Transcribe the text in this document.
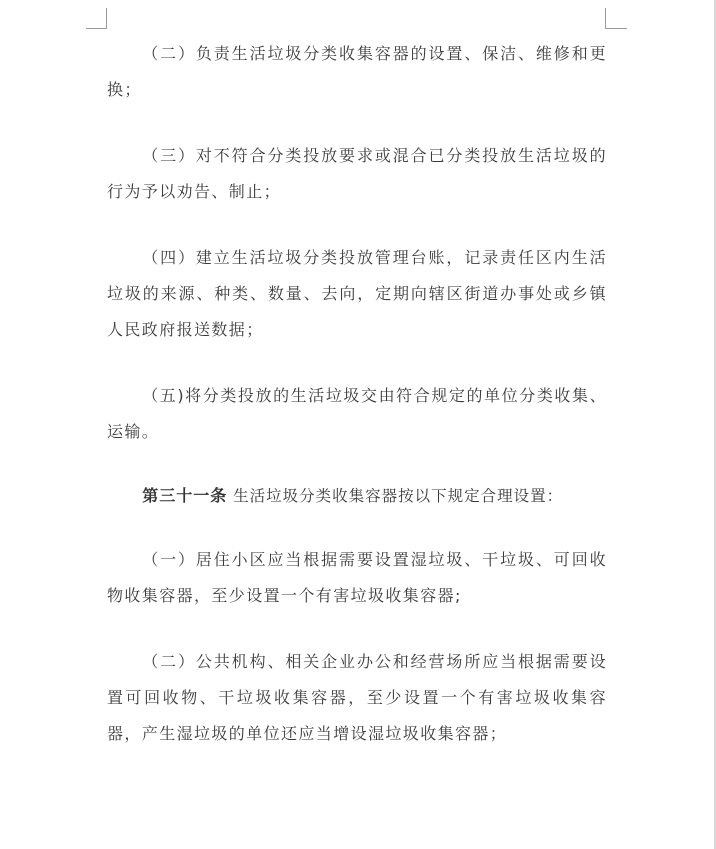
（二）负责生活垃圾分类收集容器的设置、保洁、维修和更换；

（三）对不符合分类投放要求或混合已分类投放生活垃圾的行为予以劝告、制止；

（四）建立生活垃圾分类投放管理台账，记录责任区内生活垃圾的来源、种类、数量、去向，定期向辖区街道办事处或乡镇人民政府报送数据；

（五)将分类投放的生活垃圾交由符合规定的单位分类收集、运输。

第三十一条 生活垃圾分类收集容器按以下规定合理设置：

（一）居住小区应当根据需要设置湿垃圾、干垃圾、可回收物收集容器，至少设置一个有害垃圾收集容器;

（二）公共机构、相关企业办公和经营场所应当根据需要设置可回收物、干垃圾收集容器，至少设置一个有害垃圾收集容器，产生湿垃圾的单位还应当增设湿垃圾收集容器；
